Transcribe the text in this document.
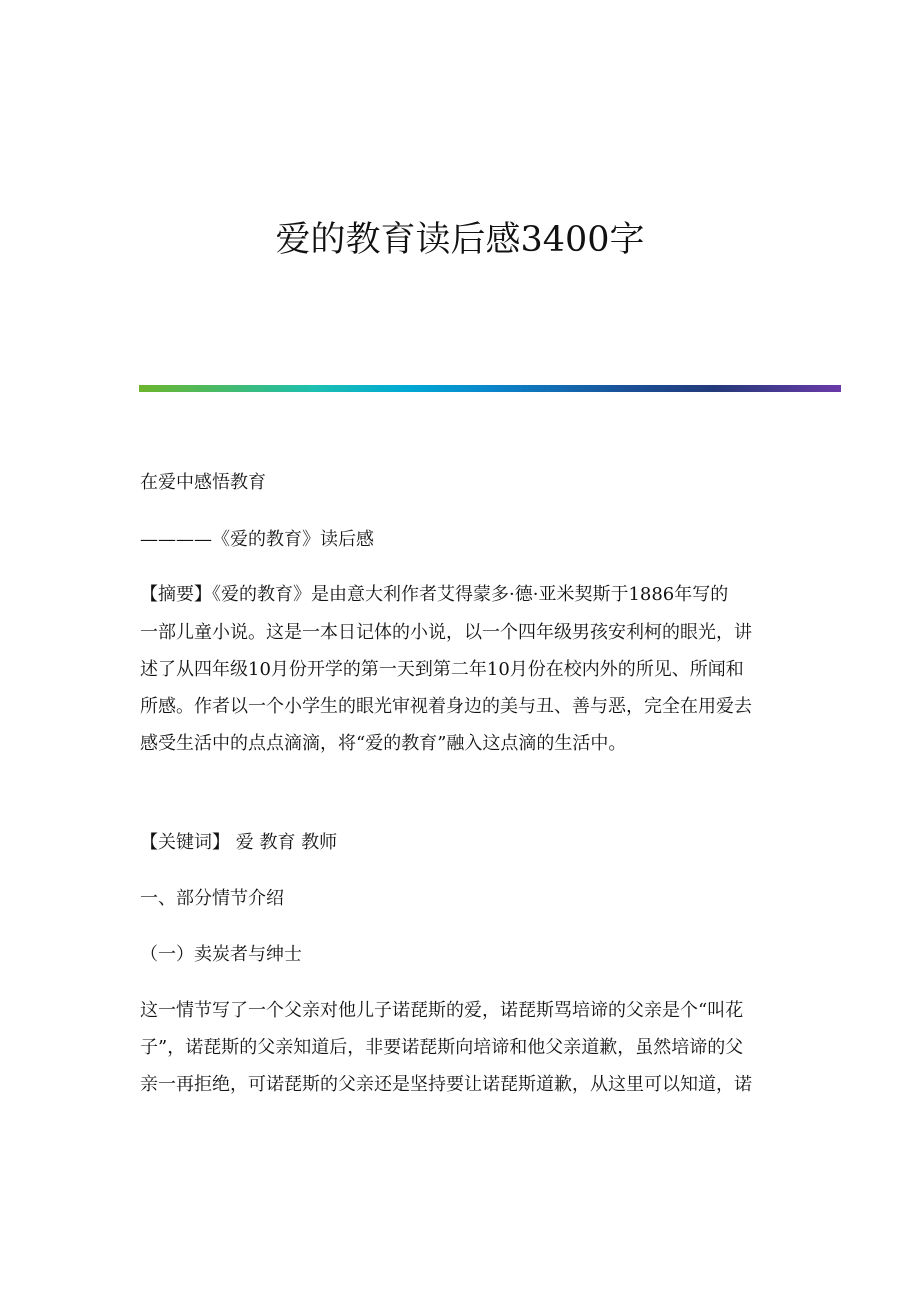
爱的教育读后感3400字
在爱中感悟教育
————《爱的教育》读后感
【摘要】《爱的教育》是由意大利作者艾得蒙多·德·亚米契斯于1886年写的
一部儿童小说。这是一本日记体的小说，以一个四年级男孩安利柯的眼光，讲
述了从四年级10月份开学的第一天到第二年10月份在校内外的所见、所闻和
所感。作者以一个小学生的眼光审视着身边的美与丑、善与恶，完全在用爱去
感受生活中的点点滴滴，将“爱的教育”融入这点滴的生活中。
【关键词】 爱 教育 教师
一、部分情节介绍
（一）卖炭者与绅士
这一情节写了一个父亲对他儿子诺琵斯的爱，诺琵斯骂培谛的父亲是个“叫花
子”，诺琵斯的父亲知道后，非要诺琵斯向培谛和他父亲道歉，虽然培谛的父
亲一再拒绝，可诺琵斯的父亲还是坚持要让诺琵斯道歉，从这里可以知道，诺
